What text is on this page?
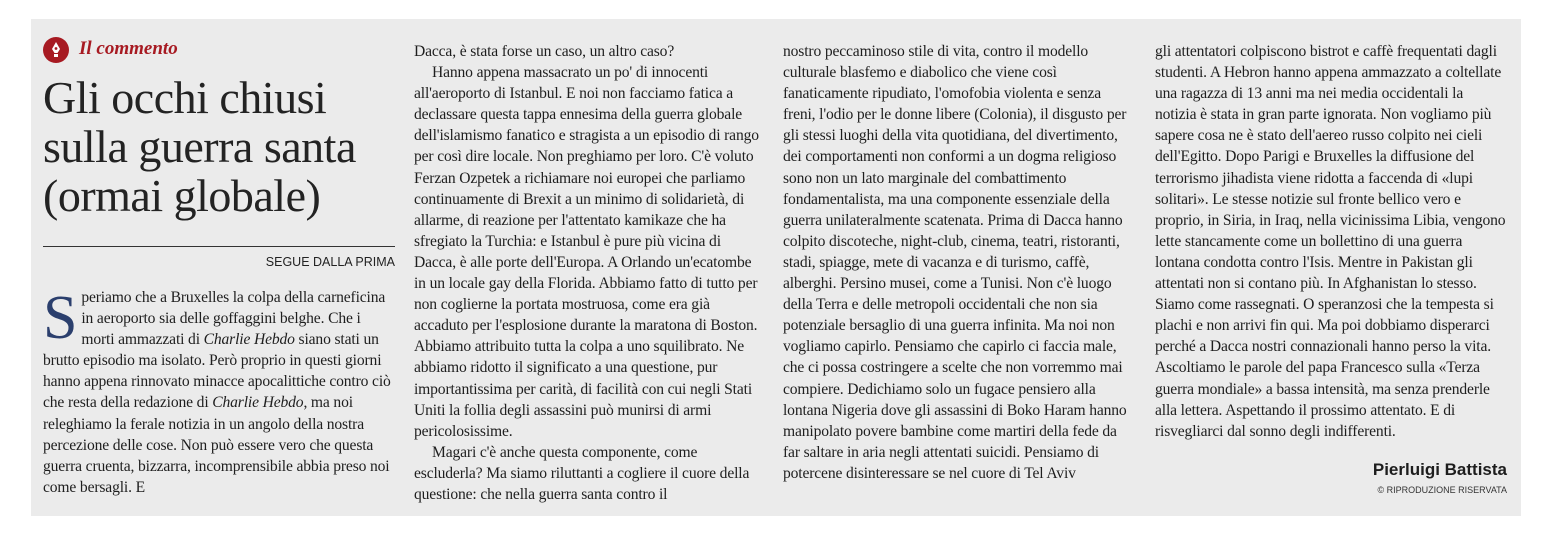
Il commento
Gli occhi chiusi sulla guerra santa (ormai globale)
SEGUE DALLA PRIMA

Speriamo che a Bruxelles la colpa della carneficina in aeroporto sia delle goffaggini belghe. Che i morti ammazzati di Charlie Hebdo siano stati un brutto episodio ma isolato. Però proprio in questi giorni hanno appena rinnovato minacce apocalittiche contro ciò che resta della redazione di Charlie Hebdo, ma noi releghiamo la ferale notizia in un angolo della nostra percezione delle cose. Non può essere vero che questa guerra cruenta, bizzarra, incomprensibile abbia preso noi come bersagli. E

Dacca, è stata forse un caso, un altro caso?

Hanno appena massacrato un po' di innocenti all'aeroporto di Istanbul. E noi non facciamo fatica a declassare questa tappa ennesima della guerra globale dell'islamismo fanatico e stragista a un episodio di rango per così dire locale. Non preghiamo per loro. C'è voluto Ferzan Ozpetek a richiamare noi europei che parliamo continuamente di Brexit a un minimo di solidarietà, di allarme, di reazione per l'attentato kamikaze che ha sfregiato la Turchia: e Istanbul è pure più vicina di Dacca, è alle porte dell'Europa. A Orlando un'ecatombe in un locale gay della Florida. Abbiamo fatto di tutto per non coglierne la portata mostruosa, come era già accaduto per l'esplosione durante la maratona di Boston. Abbiamo attribuito tutta la colpa a uno squilibrato. Ne abbiamo ridotto il significato a una questione, pur importantissima per carità, di facilità con cui negli Stati Uniti la follia degli assassini può munirsi di armi pericolosissime.

Magari c'è anche questa componente, come escluderla? Ma siamo riluttanti a cogliere il cuore della questione: che nella guerra santa contro il

nostro peccaminoso stile di vita, contro il modello culturale blasfemo e diabolico che viene così fanaticamente ripudiato, l'omofobia violenta e senza freni, l'odio per le donne libere (Colonia), il disgusto per gli stessi luoghi della vita quotidiana, del divertimento, dei comportamenti non conformi a un dogma religioso sono non un lato marginale del combattimento fondamentalista, ma una componente essenziale della guerra unilateralmente scatenata. Prima di Dacca hanno colpito discoteche, night-club, cinema, teatri, ristoranti, stadi, spiagge, mete di vacanza e di turismo, caffè, alberghi. Persino musei, come a Tunisi. Non c'è luogo della Terra e delle metropoli occidentali che non sia potenziale bersaglio di una guerra infinita. Ma noi non vogliamo capirlo. Pensiamo che capirlo ci faccia male, che ci possa costringere a scelte che non vorremmo mai compiere. Dedichiamo solo un fugace pensiero alla lontana Nigeria dove gli assassini di Boko Haram hanno manipolato povere bambine come martiri della fede da far saltare in aria negli attentati suicidi. Pensiamo di potercene disinteressare se nel cuore di Tel Aviv

gli attentatori colpiscono bistrot e caffè frequentati dagli studenti. A Hebron hanno appena ammazzato a coltellate una ragazza di 13 anni ma nei media occidentali la notizia è stata in gran parte ignorata. Non vogliamo più sapere cosa ne è stato dell'aereo russo colpito nei cieli dell'Egitto. Dopo Parigi e Bruxelles la diffusione del terrorismo jihadista viene ridotta a faccenda di «lupi solitari». Le stesse notizie sul fronte bellico vero e proprio, in Siria, in Iraq, nella vicinissima Libia, vengono lette stancamente come un bollettino di una guerra lontana condotta contro l'Isis. Mentre in Pakistan gli attentati non si contano più. In Afghanistan lo stesso. Siamo come rassegnati. O speranzosi che la tempesta si plachi e non arrivi fin qui. Ma poi dobbiamo disperarci perché a Dacca nostri connazionali hanno perso la vita. Ascoltiamo le parole del papa Francesco sulla «Terza guerra mondiale» a bassa intensità, ma senza prenderle alla lettera. Aspettando il prossimo attentato. E di risvegliarci dal sonno degli indifferenti.

Pierluigi Battista
© RIPRODUZIONE RISERVATA
